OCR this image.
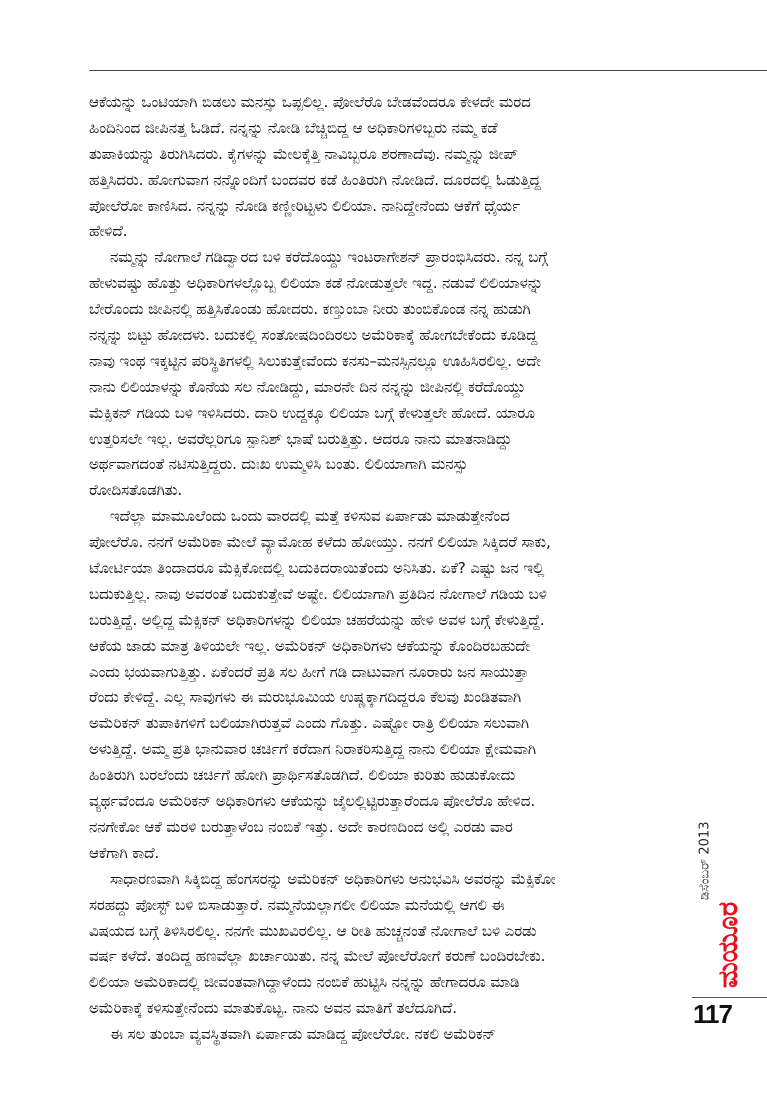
ಆಕೆಯನ್ನು ಒಂಟಿಯಾಗಿ ಬಿಡಲು ಮನಸ್ಸು ಒಪ್ಪಲಿಲ್ಲ. ಪೋಲೆರೊ ಬೇಡವೆಂದರೂ ಕೇಳದೇ ಮರದ
ಹಿಂದಿನಿಂದ ಜೀಪಿನತ್ತ ಓಡಿದೆ. ನನ್ನನ್ನು ನೋಡಿ ಬೆಚ್ಚಿಬಿದ್ದ ಆ ಅಧಿಕಾರಿಗಳಿಬ್ಬರು ನಮ್ಮ ಕಡೆ
ತುಪಾಕಿಯನ್ನು ತಿರುಗಿಸಿದರು. ಕೈಗಳನ್ನು ಮೇಲಕ್ಕೆತ್ತಿ ನಾವಿಬ್ಬರೂ ಶರಣಾದೆವು. ನಮ್ಮನ್ನು ಜೀಪ್
ಹತ್ತಿಸಿದರು. ಹೋಗುವಾಗ ನನ್ನೊಂದಿಗೆ ಬಂದವರ ಕಡೆ ಹಿಂತಿರುಗಿ ನೋಡಿದೆ. ದೂರದಲ್ಲಿ ಓಡುತ್ತಿದ್ದ
ಪೋಲೆರೋ ಕಾಣಿಸಿದ. ನನ್ನನ್ನು ನೋಡಿ ಕಣ್ಣೀರಿಟ್ಟಳು ಲಿಲಿಯಾ. ನಾನಿದ್ದೇನೆಂದು ಆಕೆಗೆ ಧೈರ್ಯ
ಹೇಳಿದೆ.
ನಮ್ಮನ್ನು ನೋಗಾಲೆ ಗಡಿದ್ವಾರದ ಬಳಿ ಕರೆದೊಯ್ದು ಇಂಟರಾಗೇಶನ್ ಪ್ರಾರಂಭಿಸಿದರು. ನನ್ನ ಬಗ್ಗೆ
ಹೇಳುವಷ್ಟು ಹೊತ್ತು ಅಧಿಕಾರಿಗಳಲ್ಲೊಬ್ಬ ಲಿಲಿಯಾ ಕಡೆ ನೋಡುತ್ತಲೇ ಇದ್ದ. ನಡುವೆ ಲಿಲಿಯಾಳನ್ನು
ಬೇರೊಂದು ಜೀಪಿನಲ್ಲಿ ಹತ್ತಿಸಿಕೊಂಡು ಹೋದರು. ಕಣ್ತುಂಬಾ ನೀರು ತುಂಬಿಕೊಂಡ ನನ್ನ ಹುಡುಗಿ
ನನ್ನನ್ನು ಬಿಟ್ಟು ಹೋದಳು. ಬದುಕಲ್ಲಿ ಸಂತೋಷದಿಂದಿರಲು ಅಮೆರಿಕಾಕ್ಕೆ ಹೋಗಬೇಕೆಂದು ಕೂಡಿದ್ದ
ನಾವು ಇಂಥ ಇಕ್ಕಟ್ಟಿನ ಪರಿಸ್ಥಿತಿಗಳಲ್ಲಿ ಸಿಲುಕುತ್ತೇವೆಂದು ಕನಸು–ಮನಸ್ಸಿನಲ್ಲೂ ಊಹಿಸಿರಲಿಲ್ಲ. ಅದೇ
ನಾನು ಲಿಲಿಯಾಳನ್ನು ಕೊನೆಯ ಸಲ ನೋಡಿದ್ದು, ಮಾರನೇ ದಿನ ನನ್ನನ್ನು ಜೀಪಿನಲ್ಲಿ ಕರೆದೊಯ್ದು
ಮೆಕ್ಸಿಕನ್ ಗಡಿಯ ಬಳಿ ಇಳಿಸಿದರು. ದಾರಿ ಉದ್ದಕ್ಕೂ ಲಿಲಿಯಾ ಬಗ್ಗೆ ಕೇಳುತ್ತಲೇ ಹೋದೆ. ಯಾರೂ
ಉತ್ತರಿಸಲೇ ಇಲ್ಲ. ಅವರೆಲ್ಲರಿಗೂ ಸ್ಪಾನಿಶ್ ಭಾಷೆ ಬರುತ್ತಿತ್ತು. ಆದರೂ ನಾನು ಮಾತನಾಡಿದ್ದು
ಅರ್ಥವಾಗದಂತೆ ನಟಿಸುತ್ತಿದ್ದರು. ದುಃಖ ಉಮ್ಮಳಿಸಿ ಬಂತು. ಲಿಲಿಯಾಗಾಗಿ ಮನಸ್ಸು
ರೋದಿಸತೊಡಗಿತು.
ಇದೆಲ್ಲಾ ಮಾಮೂಲೆಂದು ಒಂದು ವಾರದಲ್ಲಿ ಮತ್ತೆ ಕಳಿಸುವ ಏರ್ಪಾಡು ಮಾಡುತ್ತೇನೆಂದ
ಪೋಲೆರೊ. ನನಗೆ ಅಮೆರಿಕಾ ಮೇಲೆ ವ್ಯಾಮೋಹ ಕಳೆದು ಹೋಯ್ತು. ನನಗೆ ಲಿಲಿಯಾ ಸಿಕ್ಕಿದರೆ ಸಾಕು,
ಟೋರ್ಟಿಯಾ ತಿಂದಾದರೂ ಮೆಕ್ಸಿಕೋದಲ್ಲಿ ಬದುಕಿದರಾಯಿತೆಂದು ಅನಿಸಿತು. ಏಕೆ? ಎಷ್ಟು ಜನ ಇಲ್ಲಿ
ಬದುಕುತ್ತಿಲ್ಲ. ನಾವು ಅವರಂತೆ ಬದುಕುತ್ತೇವೆ ಅಷ್ಟೇ. ಲಿಲಿಯಾಗಾಗಿ ಪ್ರತಿದಿನ ನೋಗಾಲೆ ಗಡಿಯ ಬಳಿ
ಬರುತ್ತಿದ್ದೆ. ಅಲ್ಲಿದ್ದ ಮೆಕ್ಸಿಕನ್ ಅಧಿಕಾರಿಗಳನ್ನು ಲಿಲಿಯಾ ಚಹರೆಯನ್ನು ಹೇಳಿ ಅವಳ ಬಗ್ಗೆ ಕೇಳುತ್ತಿದ್ದೆ.
ಆಕೆಯ ಜಾಡು ಮಾತ್ರ ತಿಳಿಯಲೇ ಇಲ್ಲ. ಅಮೆರಿಕನ್ ಅಧಿಕಾರಿಗಳು ಆಕೆಯನ್ನು ಕೊಂದಿರಬಹುದೇ
ಎಂದು ಭಯವಾಗುತ್ತಿತ್ತು. ಏಕೆಂದರೆ ಪ್ರತಿ ಸಲ ಹೀಗೆ ಗಡಿ ದಾಟುವಾಗ ನೂರಾರು ಜನ ಸಾಯುತ್ತಾ
ರೆಂದು ಕೇಳಿದ್ದೆ. ಎಲ್ಲ ಸಾವುಗಳು ಈ ಮರುಭೂಮಿಯ ಉಷ್ಣಕ್ಕಾಗದಿದ್ದರೂ ಕೆಲವು ಖಂಡಿತವಾಗಿ
ಅಮೆರಿಕನ್ ತುಪಾಕಿಗಳಿಗೆ ಬಲಿಯಾಗಿರುತ್ತವೆ ಎಂದು ಗೊತ್ತು. ಎಷ್ಟೋ ರಾತ್ರಿ ಲಿಲಿಯಾ ಸಲುವಾಗಿ
ಅಳುತ್ತಿದ್ದೆ. ಅಮ್ಮ ಪ್ರತಿ ಭಾನುವಾರ ಚರ್ಚಿಗೆ ಕರೆದಾಗ ನಿರಾಕರಿಸುತ್ತಿದ್ದ ನಾನು ಲಿಲಿಯಾ ಕ್ಷೇಮವಾಗಿ
ಹಿಂತಿರುಗಿ ಬರಲೆಂದು ಚರ್ಚಿಗೆ ಹೋಗಿ ಪ್ರಾರ್ಥಿಸತೊಡಗಿದೆ. ಲಿಲಿಯಾ ಕುರಿತು ಹುಡುಕೋದು
ವ್ಯರ್ಥವೆಂದೂ ಅಮೆರಿಕನ್ ಅಧಿಕಾರಿಗಳು ಆಕೆಯನ್ನು ಜೈಲಲ್ಲಿಟ್ಟಿರುತ್ತಾರೆಂದೂ ಪೋಲೆರೊ ಹೇಳಿದ.
ನನಗೇಕೋ ಆಕೆ ಮರಳಿ ಬರುತ್ತಾಳೆಂಬ ನಂಬಿಕೆ ಇತ್ತು. ಅದೇ ಕಾರಣದಿಂದ ಅಲ್ಲಿ ಎರಡು ವಾರ
ಆಕೆಗಾಗಿ ಕಾದೆ.
ಸಾಧಾರಣವಾಗಿ ಸಿಕ್ಕಿಬಿದ್ದ ಹೆಂಗಸರನ್ನು ಅಮೆರಿಕನ್ ಅಧಿಕಾರಿಗಳು ಅನುಭವಿಸಿ ಅವರನ್ನು ಮೆಕ್ಸಿಕೋ
ಸರಹದ್ದು ಪೋಸ್ಟ್ ಬಳಿ ಬಿಸಾಡುತ್ತಾರೆ. ನಮ್ಮನೆಯಲ್ಲಾಗಲೀ ಲಿಲಿಯಾ ಮನೆಯಲ್ಲಿ ಆಗಲಿ ಈ
ವಿಷಯದ ಬಗ್ಗೆ ತಿಳಿಸಿರಲಿಲ್ಲ. ನನಗೇ ಮುಖವಿರಲಿಲ್ಲ. ಆ ರೀತಿ ಹುಚ್ಚನಂತೆ ನೋಗಾಲೆ ಬಳಿ ಎರಡು
ವರ್ಷ ಕಳೆದೆ. ತಂದಿದ್ದ ಹಣವೆಲ್ಲಾ ಖರ್ಚಾಯಿತು. ನನ್ನ ಮೇಲೆ ಪೋಲೆರೋಗೆ ಕರುಣೆ ಬಂದಿರಬೇಕು.
ಲಿಲಿಯಾ ಅಮೆರಿಕಾದಲ್ಲಿ ಜೀವಂತವಾಗಿದ್ದಾಳೆಂದು ನಂಬಿಕೆ ಹುಟ್ಟಿಸಿ ನನ್ನನ್ನು ಹೇಗಾದರೂ ಮಾಡಿ
ಅಮೆರಿಕಾಕ್ಕೆ ಕಳಿಸುತ್ತೇನೆಂದು ಮಾತುಕೊಟ್ಟ. ನಾನು ಅವನ ಮಾತಿಗೆ ತಲೆದೂಗಿದೆ.
ಈ ಸಲ ತುಂಬಾ ವ್ಯವಸ್ಥಿತವಾಗಿ ಏರ್ಪಾಡು ಮಾಡಿದ್ದ ಪೋಲೆರೋ. ನಕಲಿ ಅಮೆರಿಕನ್
ಡಿಸೆಂಬರ್ 2013
ಮಯೂರ
117
